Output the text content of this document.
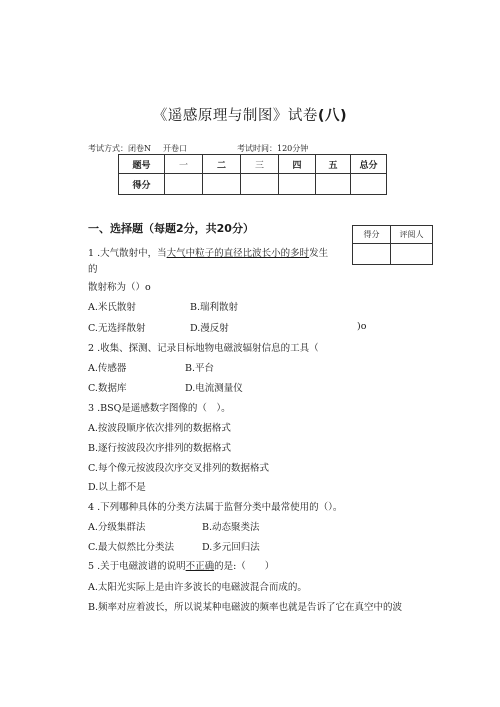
《遥感原理与制图》试卷(八)
考试方式：闭卷N 开卷口	考试时间：120分钟
题号	一	二	三	四	五	总分
得分						
得分	评阅人

一、选择题（每题2分，共20分）
1 .大气散射中，当大气中粒子的直径比波长小的多时发生
的
散射称为（）o
A.米氏散射	B.瑞利散射
C.无选择散射	D.漫反射	)o
2 .收集、探测、记录目标地物电磁波辐射信息的工具（
A.传感器	B.平台
C.数据库	D.电流测量仪
3 .BSQ是遥感数字图像的（　）。
A.按波段顺序依次排列的数据格式
B.逐行按波段次序排列的数据格式
C.每个像元按波段次序交叉排列的数据格式
D.以上都不是
4 .下列哪种具体的分类方法属于监督分类中最常使用的（）。
A.分级集群法	B.动态聚类法
C.最大似然比分类法	D.多元回归法
5 .关于电磁波谱的说明不正确的是:（　　）
A.太阳光实际上是由许多波长的电磁波混合而成的。
B.频率对应着波长，所以说某种电磁波的频率也就是告诉了它在真空中的波
